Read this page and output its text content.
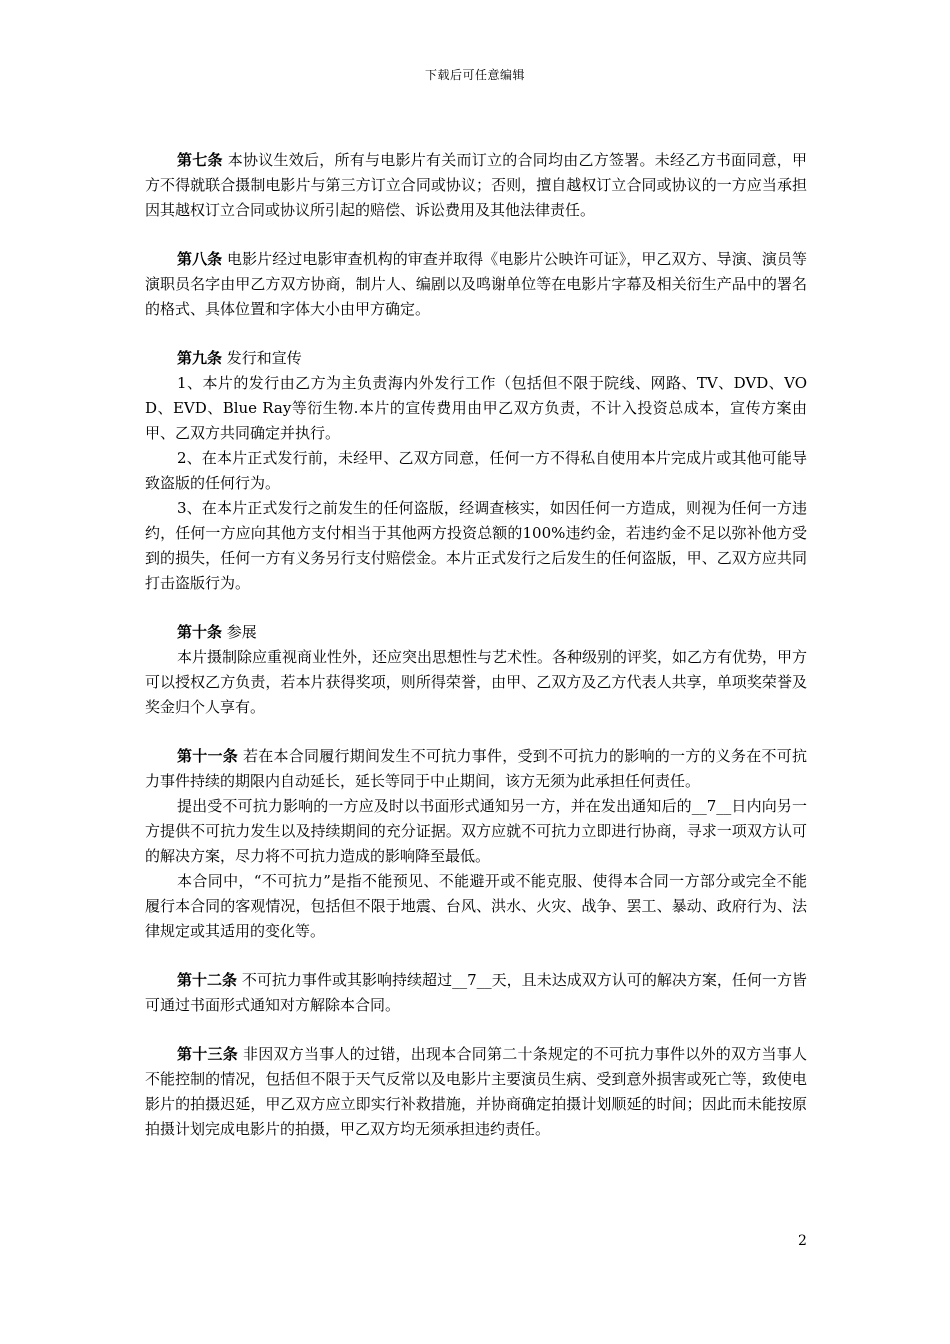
下载后可任意编辑

第七条 本协议生效后，所有与电影片有关而订立的合同均由乙方签署。未经乙方书面同意，甲方不得就联合摄制电影片与第三方订立合同或协议；否则，擅自越权订立合同或协议的一方应当承担因其越权订立合同或协议所引起的赔偿、诉讼费用及其他法律责任。

第八条 电影片经过电影审查机构的审查并取得《电影片公映许可证》，甲乙双方、导演、演员等演职员名字由甲乙方双方协商，制片人、编剧以及鸣谢单位等在电影片字幕及相关衍生产品中的署名的格式、具体位置和字体大小由甲方确定。

第九条 发行和宣传

1、本片的发行由乙方为主负责海内外发行工作（包括但不限于院线、网路、TV、DVD、VOD、EVD、Blue Ray等衍生物.本片的宣传费用由甲乙双方负责，不计入投资总成本，宣传方案由甲、乙双方共同确定并执行。

2、在本片正式发行前，未经甲、乙双方同意，任何一方不得私自使用本片完成片或其他可能导致盗版的任何行为。

3、在本片正式发行之前发生的任何盗版，经调查核实，如因任何一方造成，则视为任何一方违约，任何一方应向其他方支付相当于其他两方投资总额的100%违约金，若违约金不足以弥补他方受到的损失，任何一方有义务另行支付赔偿金。本片正式发行之后发生的任何盗版，甲、乙双方应共同打击盗版行为。

第十条 参展

本片摄制除应重视商业性外，还应突出思想性与艺术性。各种级别的评奖，如乙方有优势，甲方可以授权乙方负责，若本片获得奖项，则所得荣誉，由甲、乙双方及乙方代表人共享，单项奖荣誉及奖金归个人享有。

第十一条 若在本合同履行期间发生不可抗力事件，受到不可抗力的影响的一方的义务在不可抗力事件持续的期限内自动延长，延长等同于中止期间，该方无须为此承担任何责任。

提出受不可抗力影响的一方应及时以书面形式通知另一方，并在发出通知后的__7__日内向另一方提供不可抗力发生以及持续期间的充分证据。双方应就不可抗力立即进行协商，寻求一项双方认可的解决方案，尽力将不可抗力造成的影响降至最低。

本合同中，“不可抗力”是指不能预见、不能避开或不能克服、使得本合同一方部分或完全不能履行本合同的客观情况，包括但不限于地震、台风、洪水、火灾、战争、罢工、暴动、政府行为、法律规定或其适用的变化等。

第十二条 不可抗力事件或其影响持续超过__7__天，且未达成双方认可的解决方案，任何一方皆可通过书面形式通知对方解除本合同。

第十三条 非因双方当事人的过错，出现本合同第二十条规定的不可抗力事件以外的双方当事人不能控制的情况，包括但不限于天气反常以及电影片主要演员生病、受到意外损害或死亡等，致使电影片的拍摄迟延，甲乙双方应立即实行补救措施，并协商确定拍摄计划顺延的时间；因此而未能按原拍摄计划完成电影片的拍摄，甲乙双方均无须承担违约责任。

2
